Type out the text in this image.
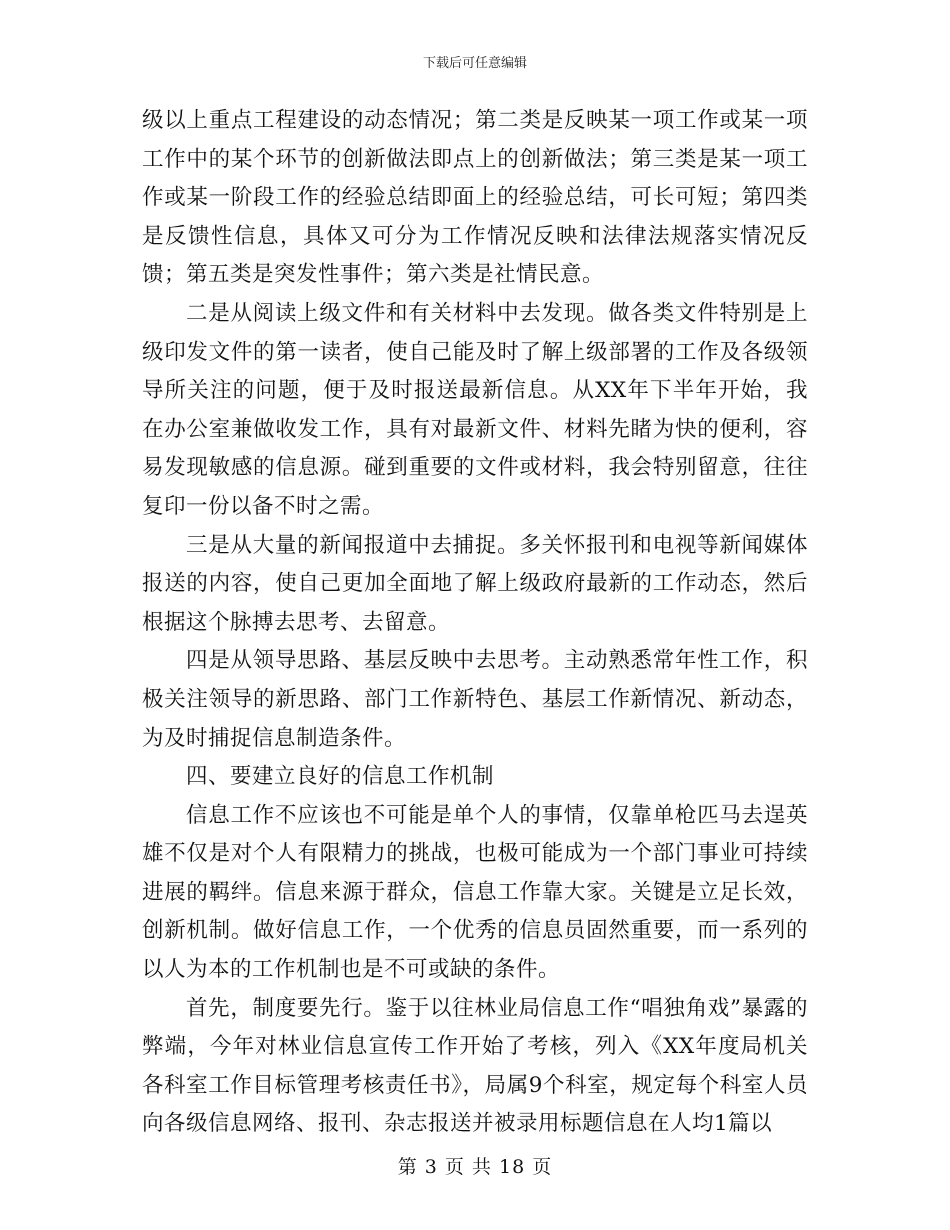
下载后可任意编辑

级以上重点工程建设的动态情况；第二类是反映某一项工作或某一项工作中的某个环节的创新做法即点上的创新做法；第三类是某一项工作或某一阶段工作的经验总结即面上的经验总结，可长可短；第四类是反馈性信息，具体又可分为工作情况反映和法律法规落实情况反馈；第五类是突发性事件；第六类是社情民意。

二是从阅读上级文件和有关材料中去发现。做各类文件特别是上级印发文件的第一读者，使自己能及时了解上级部署的工作及各级领导所关注的问题，便于及时报送最新信息。从XX年下半年开始，我在办公室兼做收发工作，具有对最新文件、材料先睹为快的便利，容易发现敏感的信息源。碰到重要的文件或材料，我会特别留意，往往复印一份以备不时之需。

三是从大量的新闻报道中去捕捉。多关怀报刊和电视等新闻媒体报送的内容，使自己更加全面地了解上级政府最新的工作动态，然后根据这个脉搏去思考、去留意。

四是从领导思路、基层反映中去思考。主动熟悉常年性工作，积极关注领导的新思路、部门工作新特色、基层工作新情况、新动态，为及时捕捉信息制造条件。

四、要建立良好的信息工作机制

信息工作不应该也不可能是单个人的事情，仅靠单枪匹马去逞英雄不仅是对个人有限精力的挑战，也极可能成为一个部门事业可持续进展的羁绊。信息来源于群众，信息工作靠大家。关键是立足长效，创新机制。做好信息工作，一个优秀的信息员固然重要，而一系列的以人为本的工作机制也是不可或缺的条件。

首先，制度要先行。鉴于以往林业局信息工作“唱独角戏”暴露的弊端，今年对林业信息宣传工作开始了考核，列入《XX年度局机关各科室工作目标管理考核责任书》，局属9个科室，规定每个科室人员向各级信息网络、报刊、杂志报送并被录用标题信息在人均1篇以

第 3 页 共 18 页
